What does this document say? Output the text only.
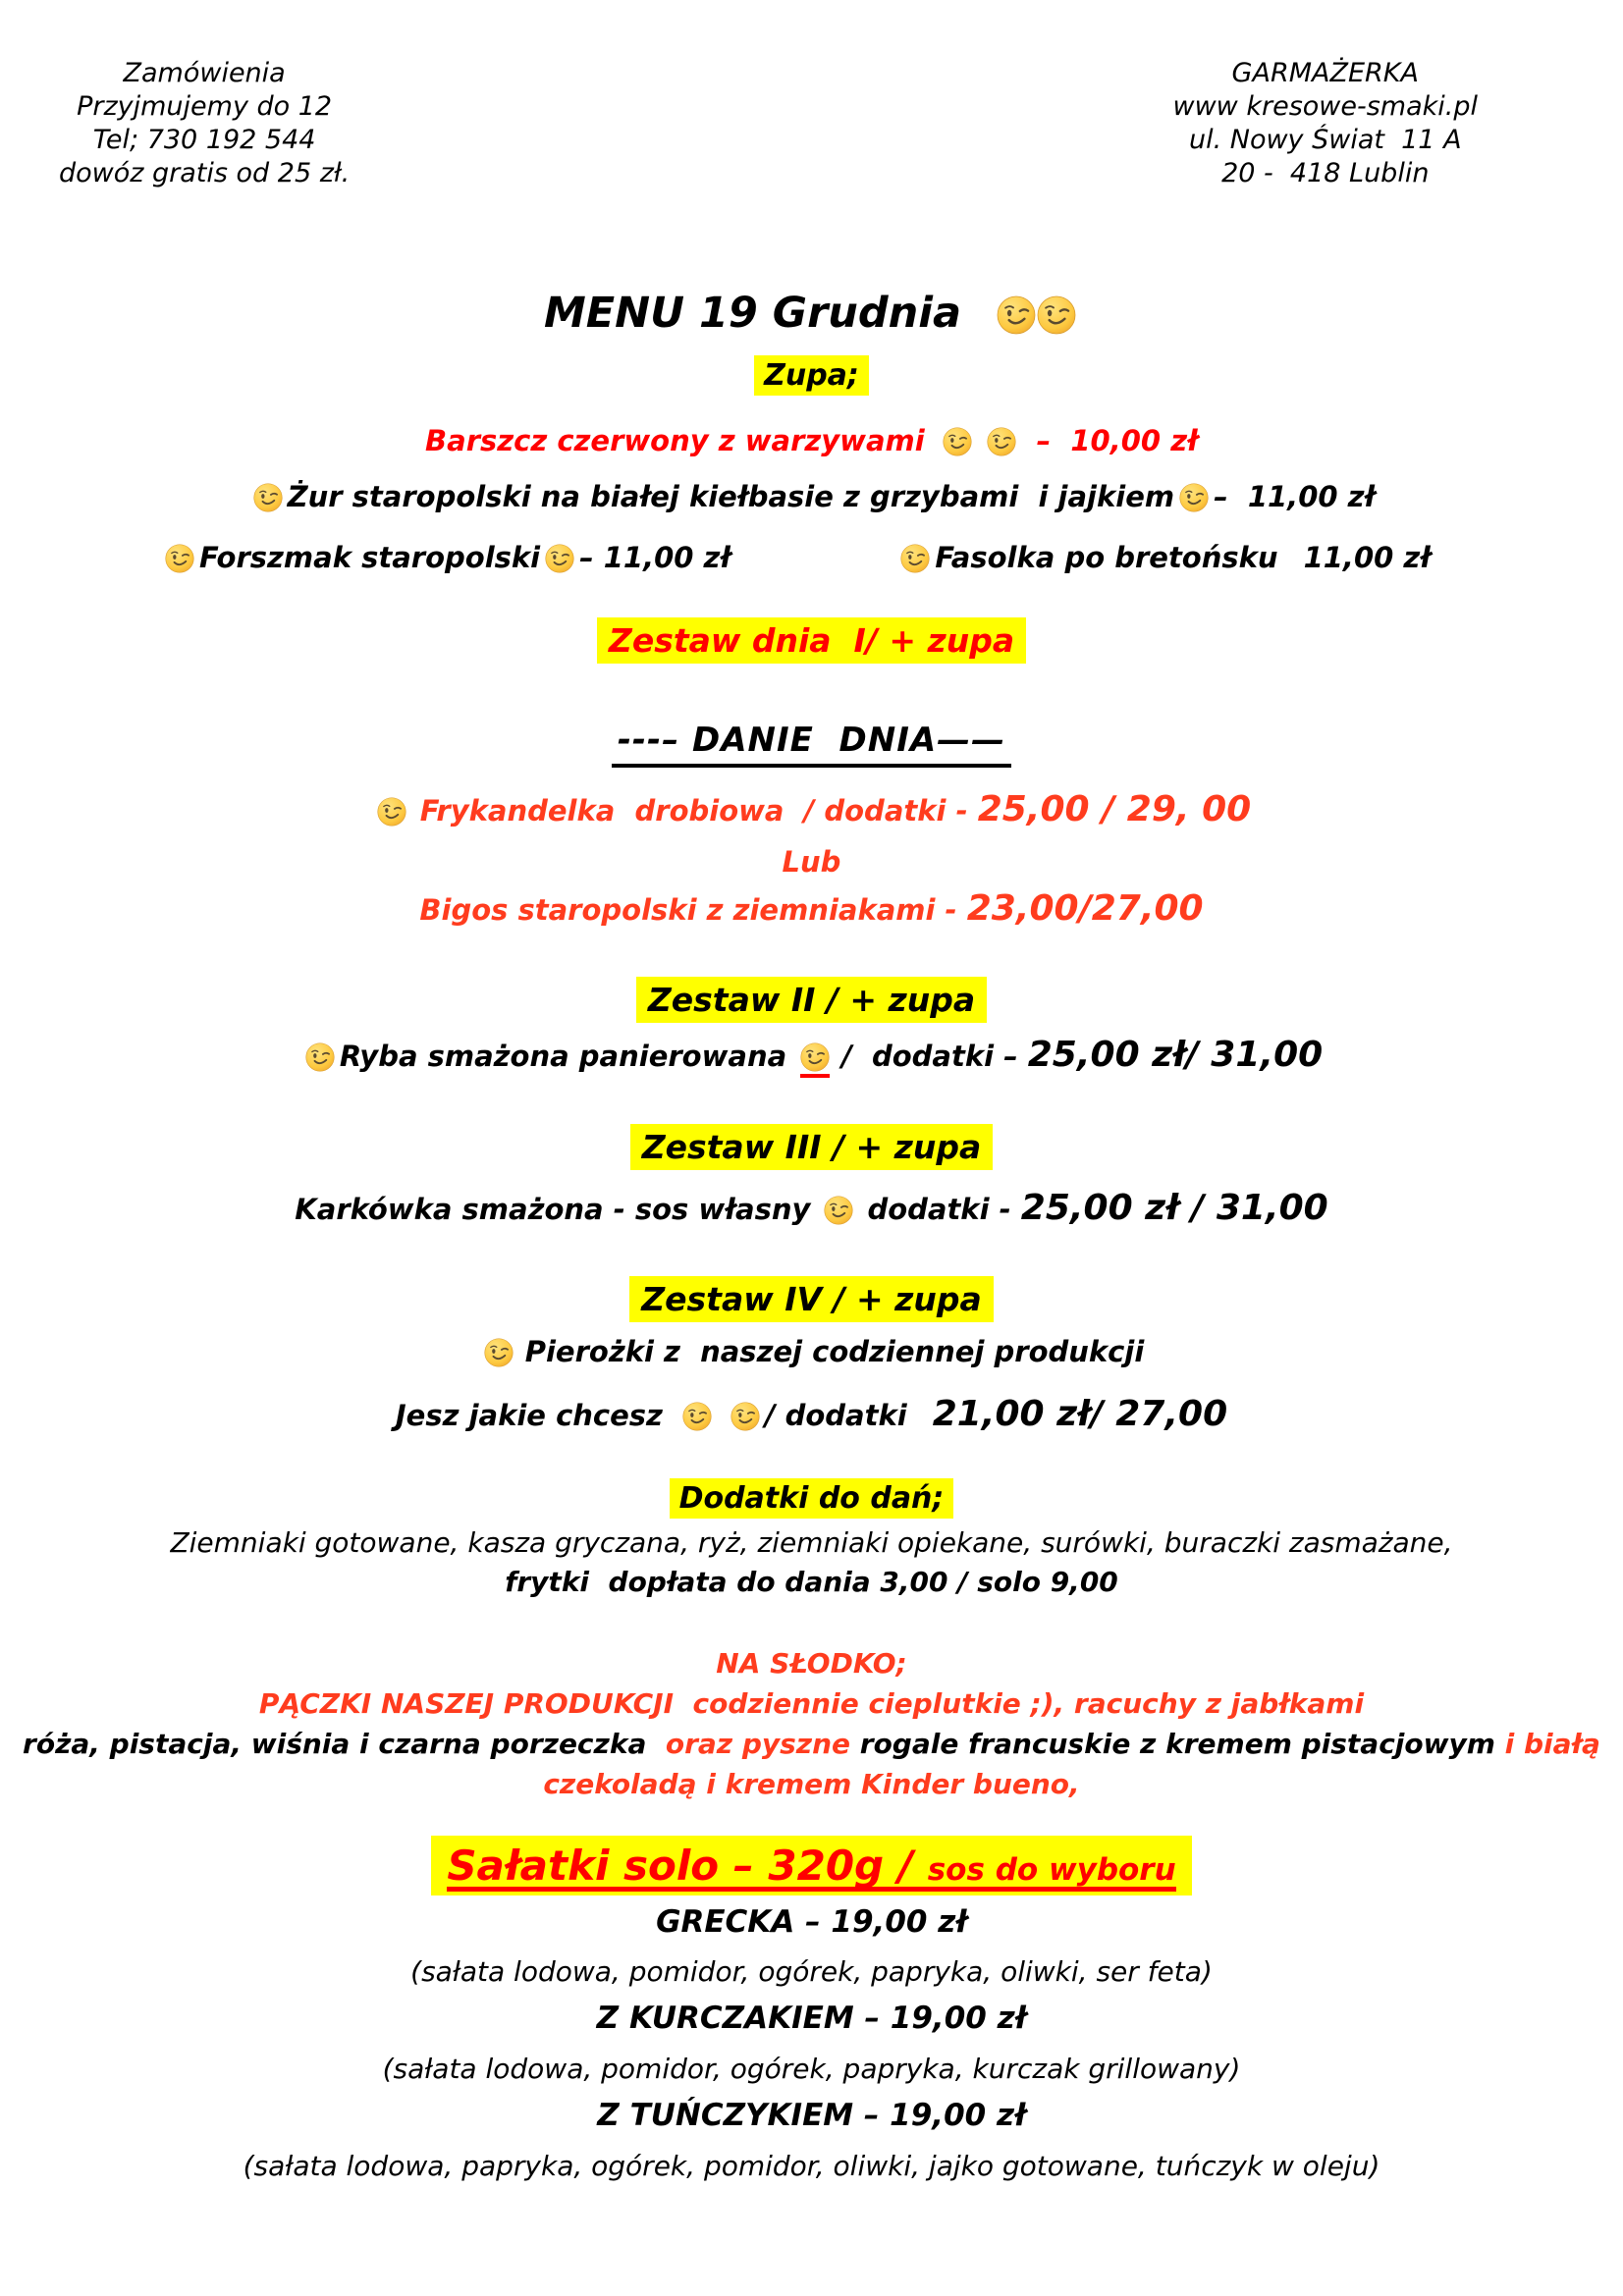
Zamówienia
Przyjmujemy do 12
Tel; 730 192 544
dowóz gratis od 25 zł.
GARMAŻERKA
www kresowe-smaki.pl
ul. Nowy Świat  11 A
20 -  418 Lublin
MENU 19 Grudnia
Zupa;
Barszcz czerwony z warzywami	–  10,00 zł
Żur staropolski na białej kiełbasie z grzybami  i jajkiem –  11,00 zł
Forszmak staropolski – 11,00 zł	Fasolka po bretońsku 11,00 zł
Zestaw dnia  I/ + zupa
---– DANIE  DNIA——
Frykandelka  drobiowa  / dodatki - 25,00 / 29, 00
Lub
Bigos staropolski z ziemniakami - 23,00/27,00
Zestaw II / + zupa
Ryba smażona panierowana /  dodatki – 25,00 zł/ 31,00
Zestaw III / + zupa
Karkówka smażona - sos własny dodatki - 25,00 zł / 31,00
Zestaw IV / + zupa
Pierożki z  naszej codziennej produkcji
Jesz jakie chcesz	/ dodatki 21,00 zł/ 27,00
Dodatki do dań;
Ziemniaki gotowane, kasza gryczana, ryż, ziemniaki opiekane, surówki, buraczki zasmażane,
frytki  dopłata do dania 3,00 / solo 9,00
NA SŁODKO;
PĄCZKI NASZEJ PRODUKCJI  codziennie cieplutkie ;), racuchy z jabłkami
róża, pistacja, wiśnia i czarna porzeczka  oraz pyszne rogale francuskie z kremem pistacjowym i białą
czekoladą i kremem Kinder bueno,
Sałatki solo – 320g / sos do wyboru
GRECKA – 19,00 zł
(sałata lodowa, pomidor, ogórek, papryka, oliwki, ser feta)
Z KURCZAKIEM – 19,00 zł
(sałata lodowa, pomidor, ogórek, papryka, kurczak grillowany)
Z TUŃCZYKIEM – 19,00 zł
(sałata lodowa, papryka, ogórek, pomidor, oliwki, jajko gotowane, tuńczyk w oleju)
